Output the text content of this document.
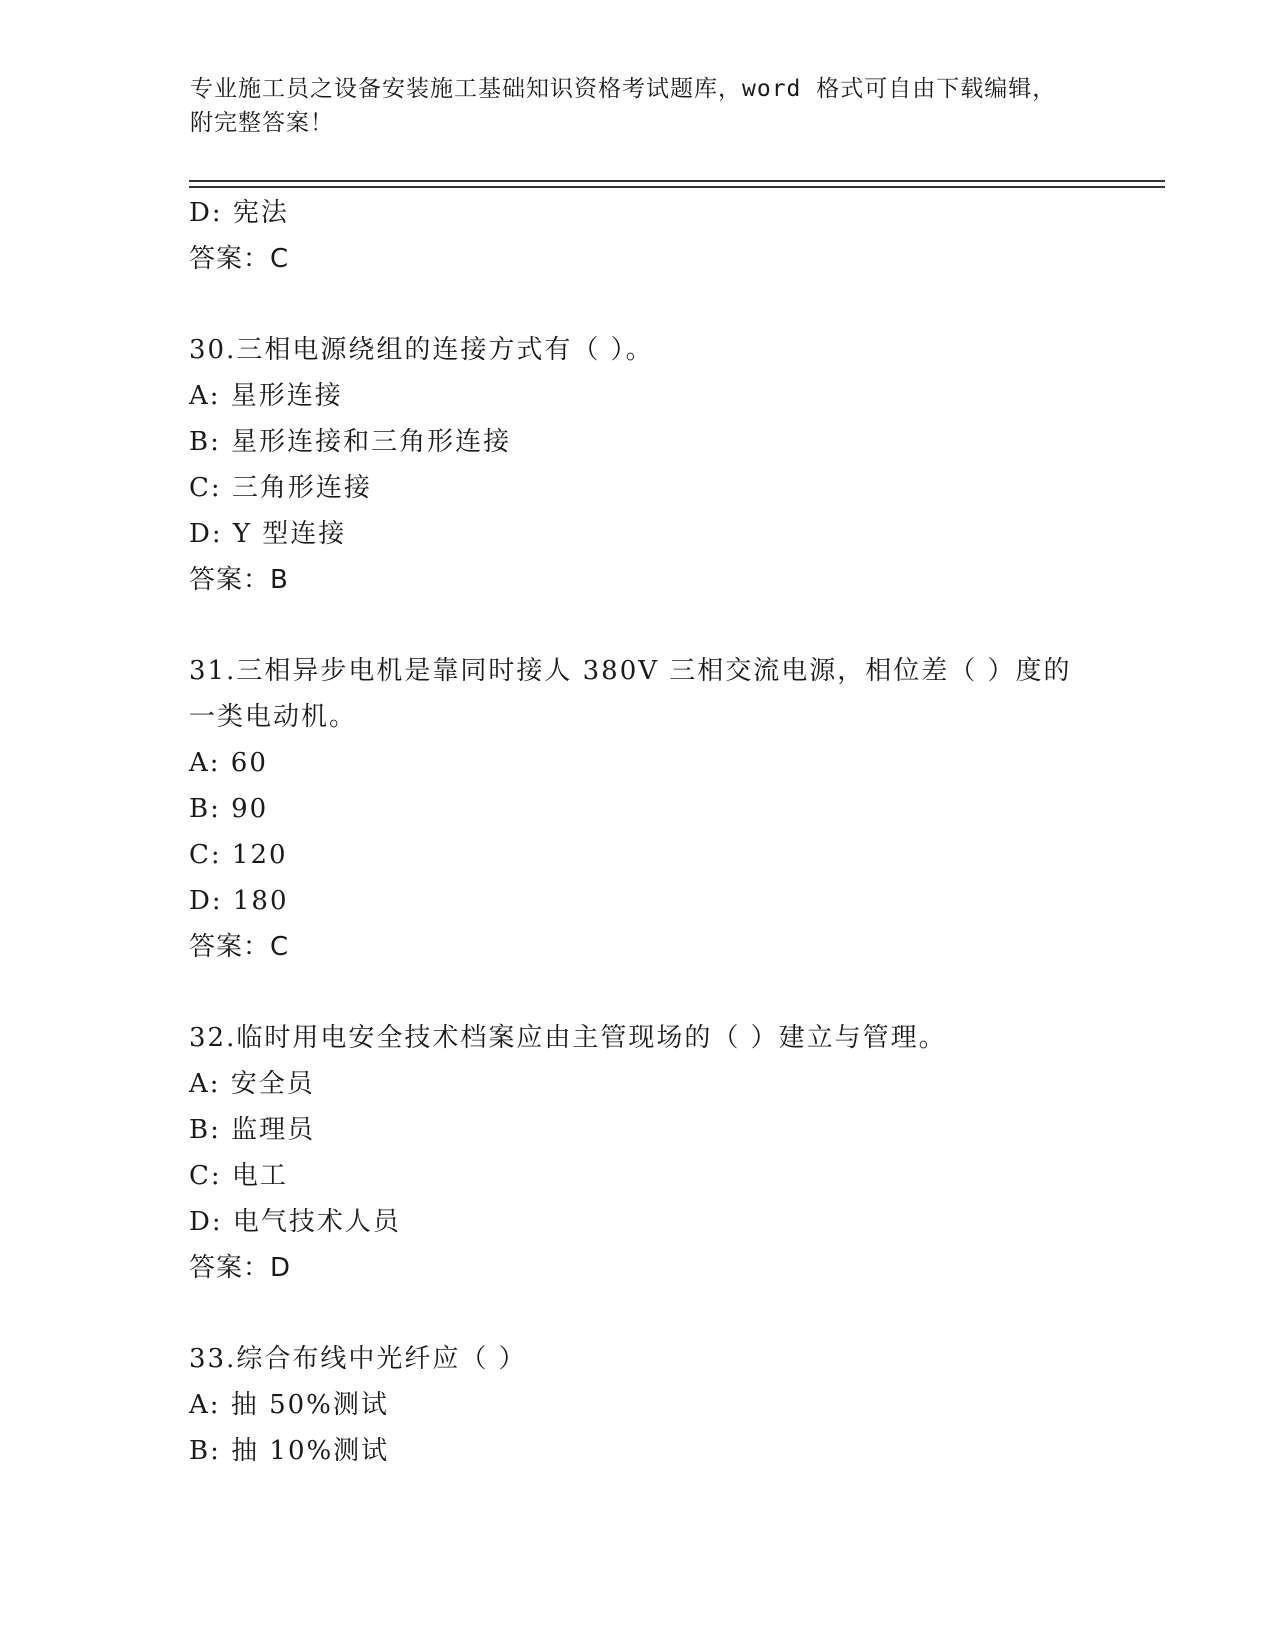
专业施工员之设备安装施工基础知识资格考试题库，word 格式可自由下载编辑，
附完整答案！
D: 宪法
答案：C
30.三相电源绕组的连接方式有（ ）。
A: 星形连接
B: 星形连接和三角形连接
C: 三角形连接
D: Y 型连接
答案：B
31.三相异步电机是靠同时接人 380V 三相交流电源，相位差（ ）度的
一类电动机。
A: 60
B: 90
C: 120
D: 180
答案：C
32.临时用电安全技术档案应由主管现场的（ ）建立与管理。
A: 安全员
B: 监理员
C: 电工
D: 电气技术人员
答案：D
33.综合布线中光纤应（ ）
A: 抽 50%测试
B: 抽 10%测试
